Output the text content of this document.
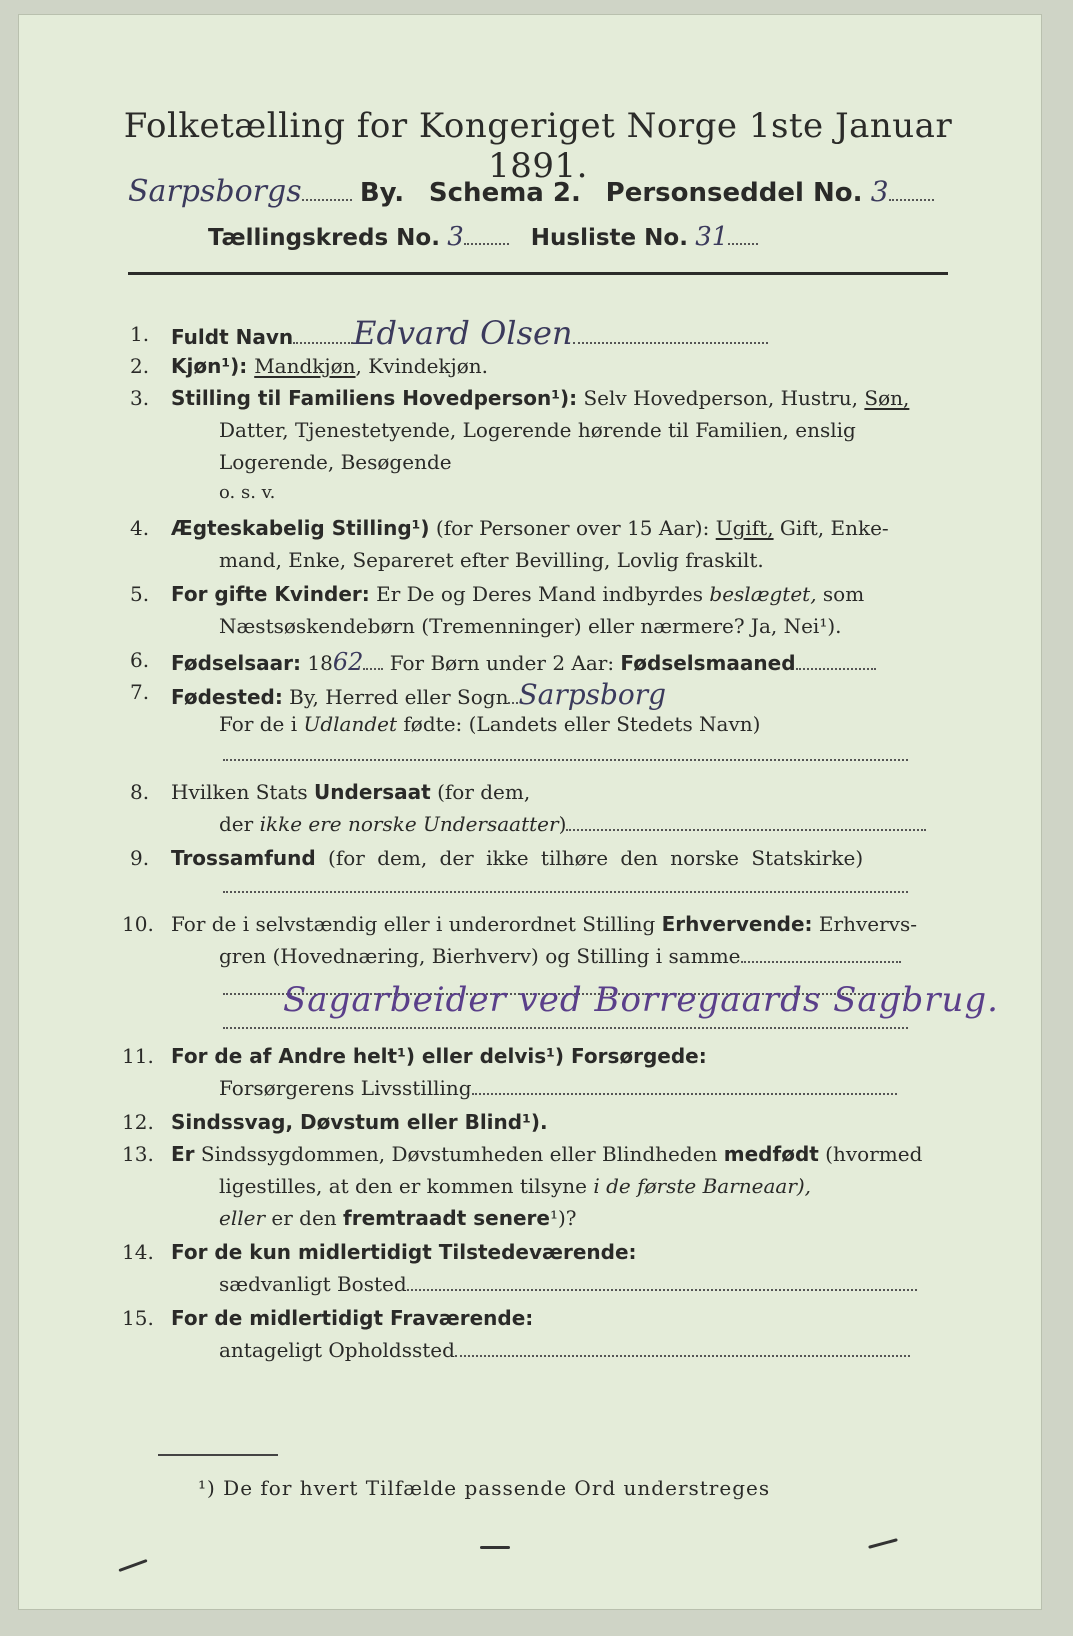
Folketælling for Kongeriget Norge 1ste Januar 1891.
Sarpsborgs By. Schema 2. Personseddel No. 3
Tællingskreds No. 3	Husliste No. 31
1. Fuldt Navn Edvard Olsen
2. Kjøn¹): Mandkjøn, Kvindekjøn.
3. Stilling til Familiens Hovedperson¹): Selv Hovedperson, Hustru, Søn,
Datter, Tjenestetyende, Logerende hørende til Familien, enslig
Logerende, Besøgende
o. s. v.
4. Ægteskabelig Stilling¹) (for Personer over 15 Aar): Ugift, Gift, Enke-
mand, Enke, Separeret efter Bevilling, Lovlig fraskilt.
5. For gifte Kvinder: Er De og Deres Mand indbyrdes beslægtet, som
Næstsøskendebørn (Tremenninger) eller nærmere? Ja, Nei¹).
6. Fødselsaar: 1862 For Børn under 2 Aar: Fødselsmaaned
7. Fødested: By, Herred eller Sogn Sarpsborg
For de i Udlandet fødte: (Landets eller Stedets Navn)
8. Hvilken Stats Undersaat (for dem,
der ikke ere norske Undersaatter)
9. Trossamfund (for dem, der ikke tilhøre den norske Statskirke)
10. For de i selvstændig eller i underordnet Stilling Erhvervende: Erhvervs-
gren (Hovednæring, Bierhverv) og Stilling i samme
Sagarbeider ved Borregaards Sagbrug.
11. For de af Andre helt¹) eller delvis¹) Forsørgede:
Forsørgerens Livsstilling
12. Sindssvag, Døvstum eller Blind¹).
13. Er Sindssygdommen, Døvstumheden eller Blindheden medfødt (hvormed
ligestilles, at den er kommen tilsyne i de første Barneaar),
eller er den fremtraadt senere¹)?
14. For de kun midlertidigt Tilstedeværende:
sædvanligt Bosted
15. For de midlertidigt Fraværende:
antageligt Opholdssted
¹) De for hvert Tilfælde passende Ord understreges
